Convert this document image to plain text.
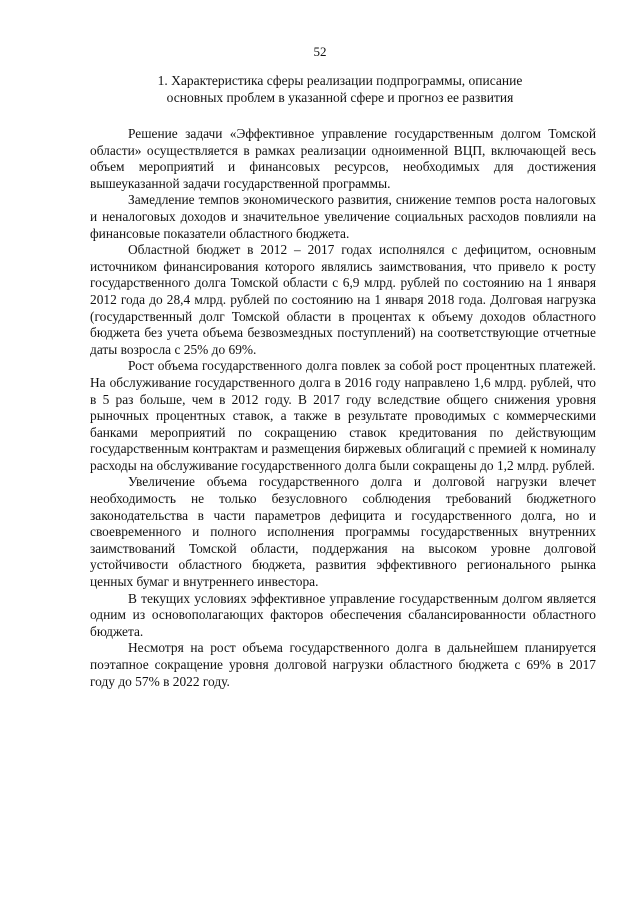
52
1. Характеристика сферы реализации подпрограммы, описание
основных проблем в указанной сфере и прогноз ее развития

Решение задачи «Эффективное управление государственным долгом Томской области» осуществляется в рамках реализации одноименной ВЦП, включающей весь объем мероприятий и финансовых ресурсов, необходимых для достижения вышеуказанной задачи государственной программы.

Замедление темпов экономического развития, снижение темпов роста налоговых и неналоговых доходов и значительное увеличение социальных расходов повлияли на финансовые показатели областного бюджета.

Областной бюджет в 2012 – 2017 годах исполнялся с дефицитом, основным источником финансирования которого являлись заимствования, что привело к росту государственного долга Томской области с 6,9 млрд. рублей по состоянию на 1 января 2012 года до 28,4 млрд. рублей по состоянию на 1 января 2018 года. Долговая нагрузка (государственный долг Томской области в процентах к объему доходов областного бюджета без учета объема безвозмездных поступлений) на соответствующие отчетные даты возросла с 25% до 69%.

Рост объема государственного долга повлек за собой рост процентных платежей. На обслуживание государственного долга в 2016 году направлено 1,6 млрд. рублей, что в 5 раз больше, чем в 2012 году. В 2017 году вследствие общего снижения уровня рыночных процентных ставок, а также в результате проводимых с коммерческими банками мероприятий по сокращению ставок кредитования по действующим государственным контрактам и размещения биржевых облигаций с премией к номиналу расходы на обслуживание государственного долга были сокращены до 1,2 млрд. рублей.

Увеличение объема государственного долга и долговой нагрузки влечет необходимость не только безусловного соблюдения требований бюджетного законодательства в части параметров дефицита и государственного долга, но и своевременного и полного исполнения программы государственных внутренних заимствований Томской области, поддержания на высоком уровне долговой устойчивости областного бюджета, развития эффективного регионального рынка ценных бумаг и внутреннего инвестора.

В текущих условиях эффективное управление государственным долгом является одним из основополагающих факторов обеспечения сбалансированности областного бюджета.

Несмотря на рост объема государственного долга в дальнейшем планируется поэтапное сокращение уровня долговой нагрузки областного бюджета с 69% в 2017 году до 57% в 2022 году.
